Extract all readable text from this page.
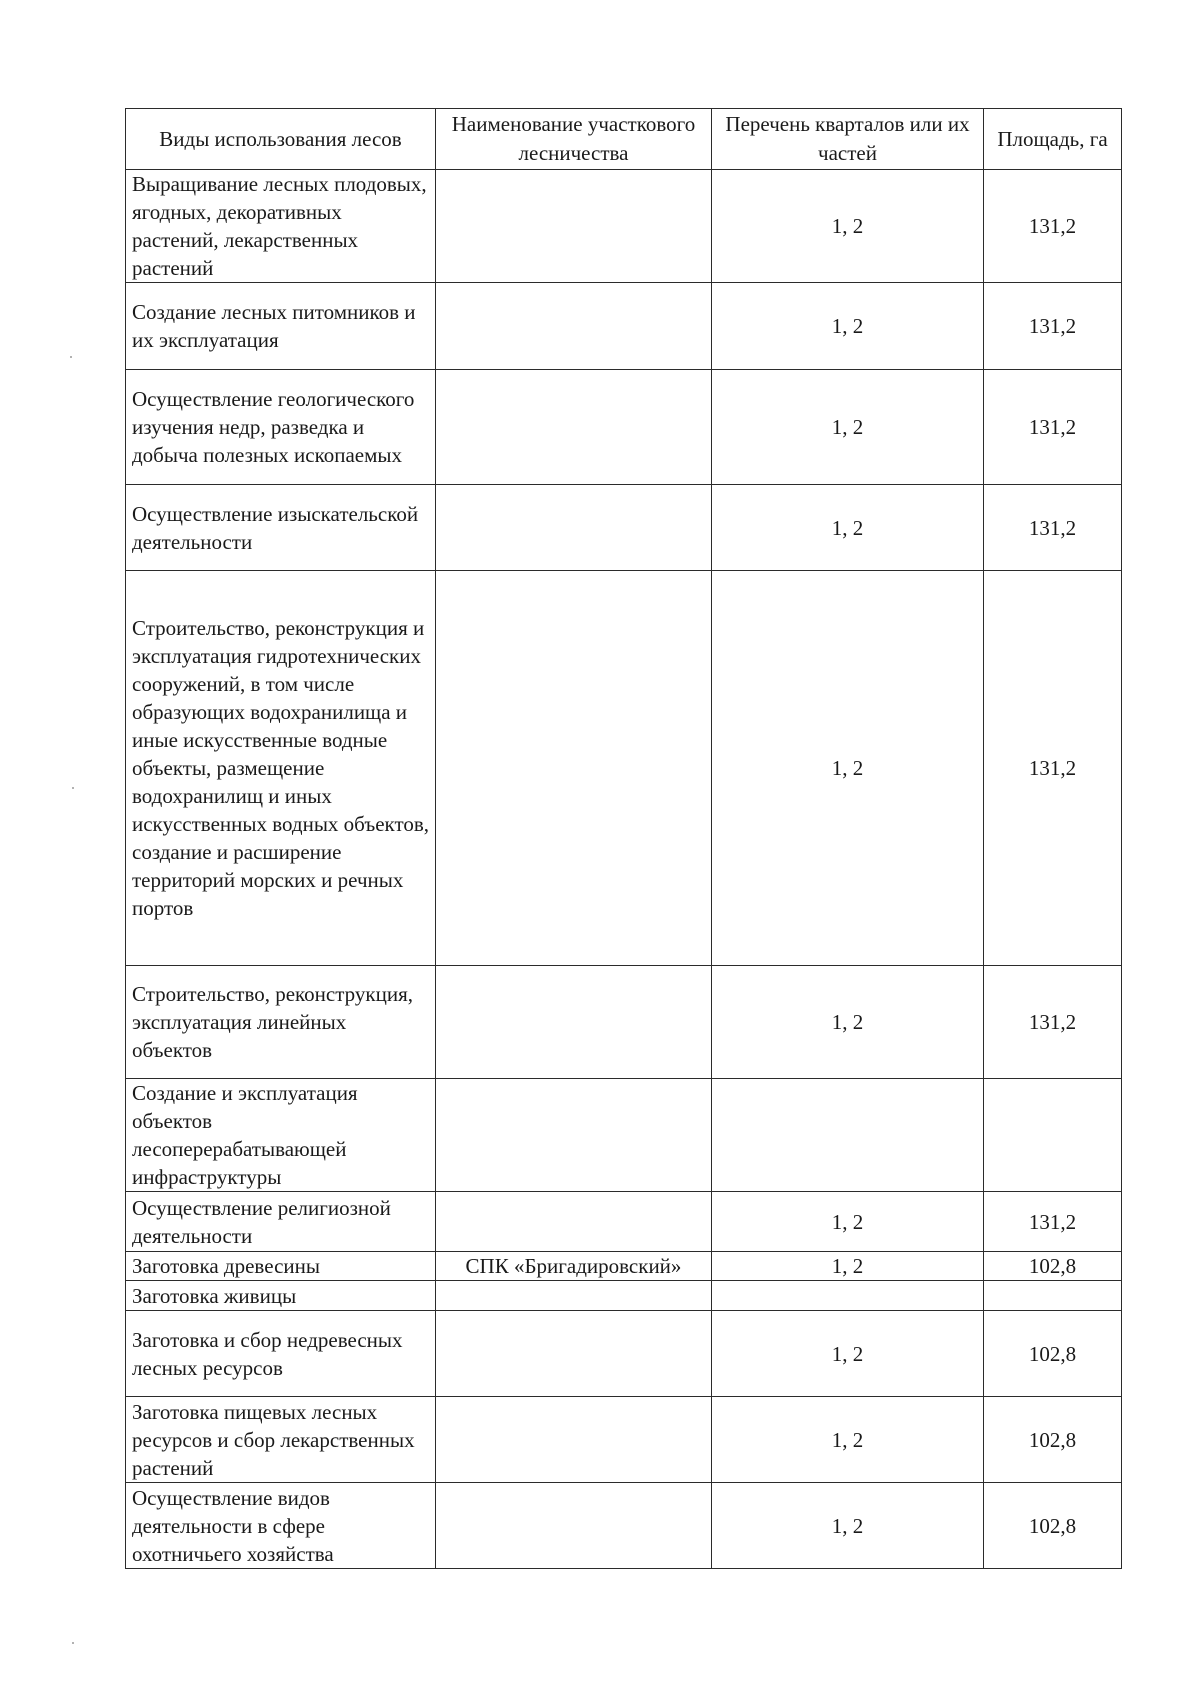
Виды использования лесов	Наименование участкового лесничества	Перечень кварталов или их частей	Площадь, га
Выращивание лесных плодовых, ягодных, декоративных растений, лекарственных растений		1, 2	131,2
Создание лесных питомников и их эксплуатация		1, 2	131,2
Осуществление геологического изучения недр, разведка и добыча полезных ископаемых		1, 2	131,2
Осуществление изыскательской деятельности		1, 2	131,2
Строительство, реконструкция и эксплуатация гидротехнических сооружений, в том числе образующих водохранилища и иные искусственные водные объекты, размещение водохранилищ и иных искусственных водных объектов, создание и расширение территорий морских и речных портов		1, 2	131,2
Строительство, реконструкция, эксплуатация линейных объектов		1, 2	131,2
Создание и эксплуатация объектов лесоперерабатывающей инфраструктуры			
Осуществление религиозной деятельности		1, 2	131,2
Заготовка древесины	СПК «Бригадировский»	1, 2	102,8
Заготовка живицы			
Заготовка и сбор недревесных лесных ресурсов		1, 2	102,8
Заготовка пищевых лесных ресурсов и сбор лекарственных растений		1, 2	102,8
Осуществление видов деятельности в сфере охотничьего хозяйства		1, 2	102,8
